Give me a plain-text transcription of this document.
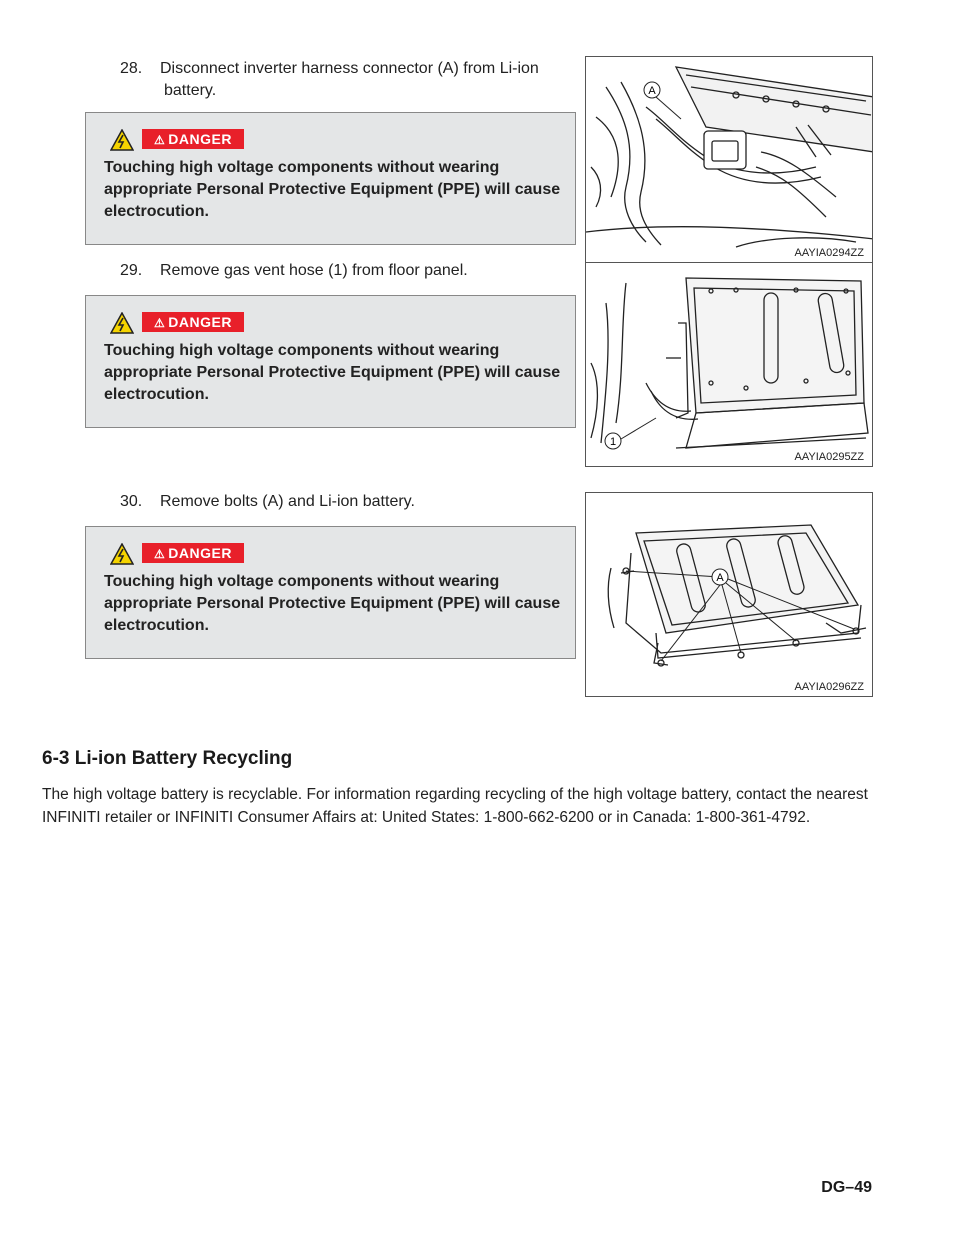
28. Disconnect inverter harness connector (A) from Li-ion
battery.
⚠ DANGER
Touching high voltage components without wearing appropriate Personal Protective Equipment (PPE) will cause electrocution.
29. Remove gas vent hose (1) from floor panel.
⚠ DANGER
Touching high voltage components without wearing appropriate Personal Protective Equipment (PPE) will cause electrocution.
30. Remove bolts (A) and Li-ion battery.
⚠ DANGER
Touching high voltage components without wearing appropriate Personal Protective Equipment (PPE) will cause electrocution.
A
AAYIA0294ZZ
1
AAYIA0295ZZ
A
AAYIA0296ZZ
6-3 Li-ion Battery Recycling
The high voltage battery is recyclable. For information regarding recycling of the high voltage battery, contact the nearest INFINITI retailer or INFINITI Consumer Affairs at: United States: 1-800-662-6200 or in Canada: 1-800-361-4792.
DG–49
